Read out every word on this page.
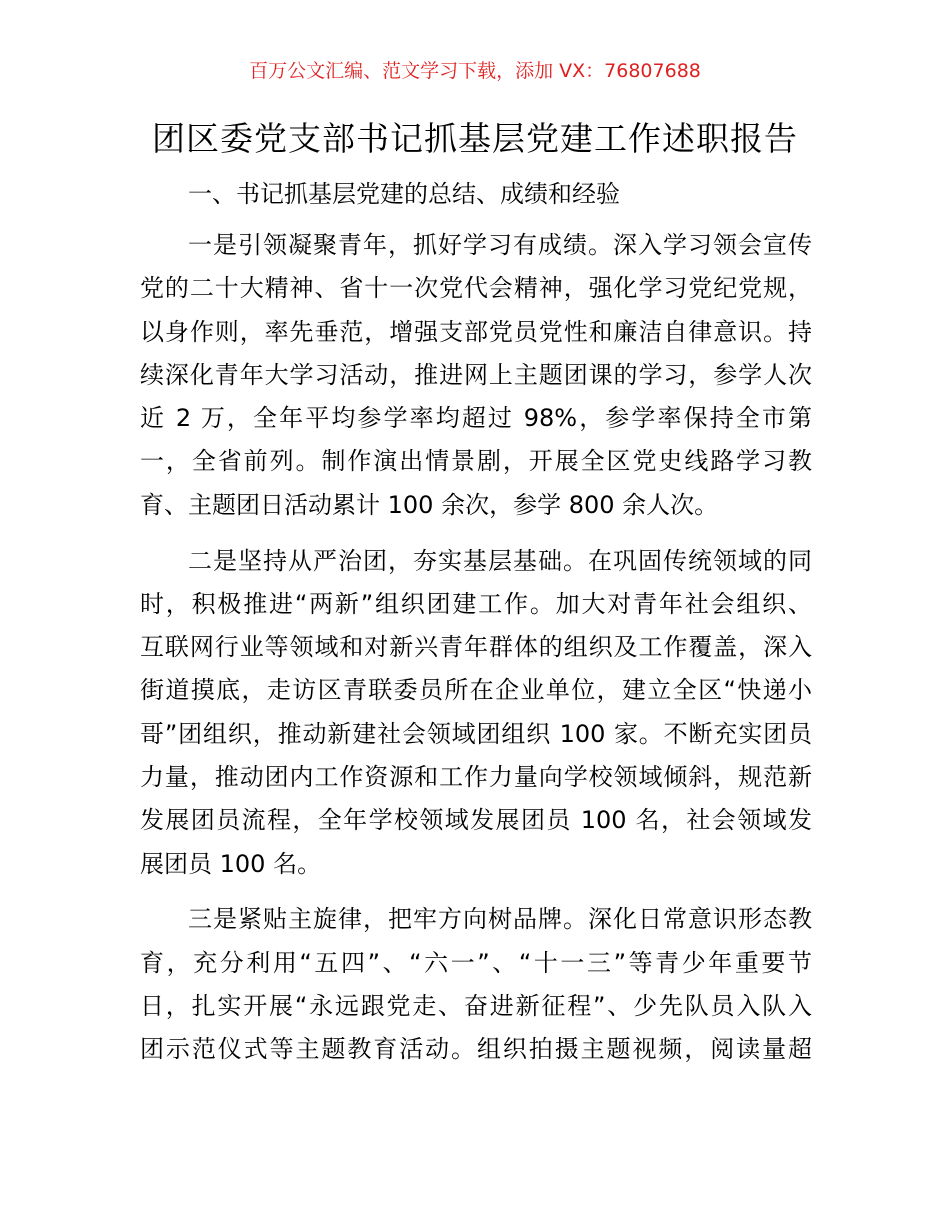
百万公文汇编、范文学习下载，添加 VX：76807688
团区委党支部书记抓基层党建工作述职报告
一、书记抓基层党建的总结、成绩和经验
一是引领凝聚青年，抓好学习有成绩。深入学习领会宣传
党的二十大精神、省十一次党代会精神，强化学习党纪党规，
以身作则，率先垂范，增强支部党员党性和廉洁自律意识。持
续深化青年大学习活动，推进网上主题团课的学习，参学人次
近 2 万，全年平均参学率均超过 98%，参学率保持全市第
一，全省前列。制作演出情景剧，开展全区党史线路学习教
育、主题团日活动累计 100 余次，参学 800 余人次。
二是坚持从严治团，夯实基层基础。在巩固传统领域的同
时，积极推进“两新”组织团建工作。加大对青年社会组织、
互联网行业等领域和对新兴青年群体的组织及工作覆盖，深入
街道摸底，走访区青联委员所在企业单位，建立全区“快递小
哥”团组织，推动新建社会领域团组织 100 家。不断充实团员
力量，推动团内工作资源和工作力量向学校领域倾斜，规范新
发展团员流程，全年学校领域发展团员 100 名，社会领域发
展团员 100 名。
三是紧贴主旋律，把牢方向树品牌。深化日常意识形态教
育，充分利用“五四”、“六一”、“十一三”等青少年重要节
日，扎实开展“永远跟党走、奋进新征程”、少先队员入队入
团示范仪式等主题教育活动。组织拍摄主题视频，阅读量超
